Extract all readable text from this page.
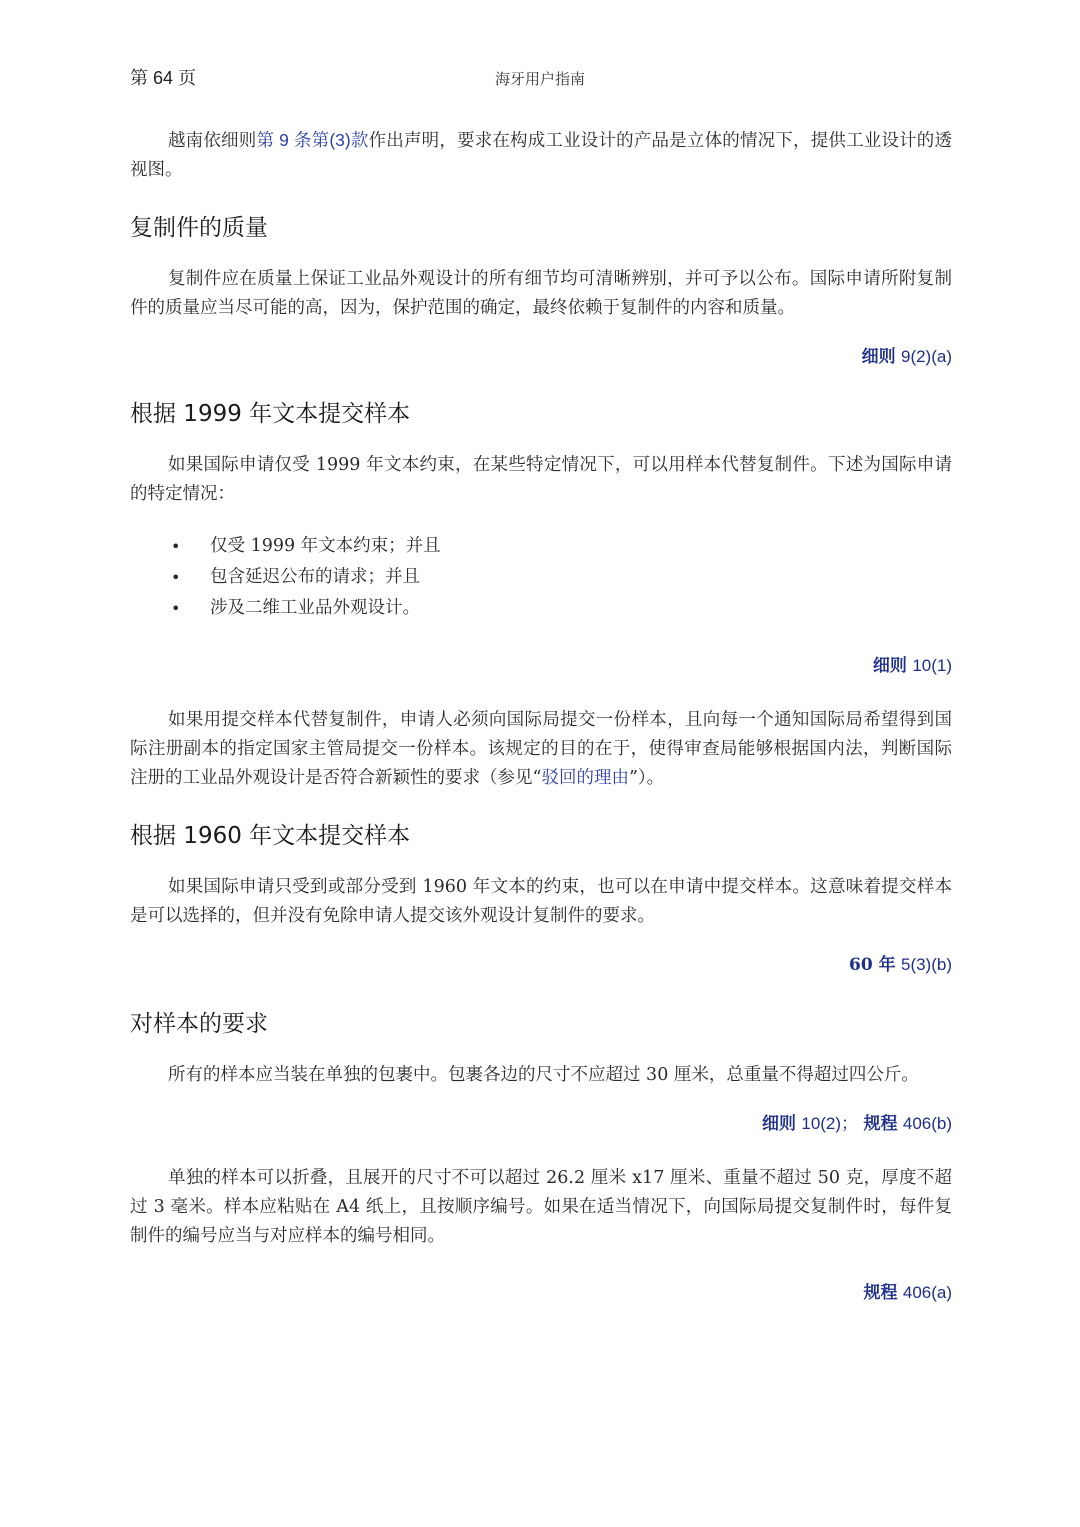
第 64 页	海牙用户指南

越南依细则第 9 条第(3)款作出声明，要求在构成工业设计的产品是立体的情况下，提供工业设计的透视图。

复制件的质量

复制件应在质量上保证工业品外观设计的所有细节均可清晰辨别，并可予以公布。国际申请所附复制件的质量应当尽可能的高，因为，保护范围的确定，最终依赖于复制件的内容和质量。

细则 9(2)(a)
根据 1999 年文本提交样本

如果国际申请仅受 1999 年文本约束，在某些特定情况下，可以用样本代替复制件。下述为国际申请的特定情况：

• 仅受 1999 年文本约束；并且
• 包含延迟公布的请求；并且
• 涉及二维工业品外观设计。
细则 10(1)

如果用提交样本代替复制件，申请人必须向国际局提交一份样本，且向每一个通知国际局希望得到国际注册副本的指定国家主管局提交一份样本。该规定的目的在于，使得审查局能够根据国内法，判断国际注册的工业品外观设计是否符合新颖性的要求（参见“驳回的理由”）。

根据 1960 年文本提交样本

如果国际申请只受到或部分受到 1960 年文本的约束，也可以在申请中提交样本。这意味着提交样本是可以选择的，但并没有免除申请人提交该外观设计复制件的要求。

60 年 5(3)(b)
对样本的要求

所有的样本应当装在单独的包裹中。包裹各边的尺寸不应超过 30 厘米，总重量不得超过四公斤。

细则 10(2)； 规程 406(b)

单独的样本可以折叠，且展开的尺寸不可以超过 26.2 厘米 x17 厘米、重量不超过 50 克，厚度不超过 3 毫米。样本应粘贴在 A4 纸上，且按顺序编号。如果在适当情况下，向国际局提交复制件时，每件复制件的编号应当与对应样本的编号相同。

规程 406(a)
